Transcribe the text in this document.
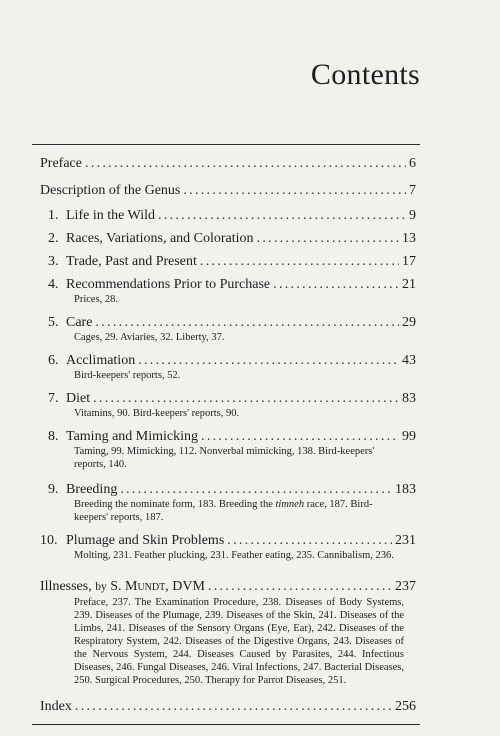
Contents
Preface . . .	6
Description of the Genus . . .	7
1. Life in the Wild . . .	9
2. Races, Variations, and Coloration . . .	13
3. Trade, Past and Present . . .	17
4. Recommendations Prior to Purchase . . .	21
Prices, 28.
5. Care . . .	29
Cages, 29. Aviaries, 32. Liberty, 37.
6. Acclimation . . .	43
Bird-keepers' reports, 52.
7. Diet . . .	83
Vitamins, 90. Bird-keepers' reports, 90.
8. Taming and Mimicking . . .	99
Taming, 99. Mimicking, 112. Nonverbal mimicking, 138. Bird-keepers' reports, 140.
9. Breeding . . .	183
Breeding the nominate form, 183. Breeding the timneh race, 187. Bird-keepers' reports, 187.
10. Plumage and Skin Problems . . .	231
Molting, 231. Feather plucking, 231. Feather eating, 235. Cannibalism, 236.
Illnesses, by S. Mundt, DVM . . .	237
Preface, 237. The Examination Procedure, 238. Diseases of Body Systems, 239. Diseases of the Plumage, 239. Diseases of the Skin, 241. Diseases of the Limbs, 241. Diseases of the Sensory Organs (Eye, Ear), 242. Diseases of the Respiratory System, 242. Diseases of the Digestive Organs, 243. Diseases of the Nervous System, 244. Diseases Caused by Parasites, 244. Infectious Diseases, 246. Fungal Diseases, 246. Viral Infections, 247. Bacterial Diseases, 250. Surgical Procedures, 250. Therapy for Parrot Diseases, 251.
Index . . .	256
